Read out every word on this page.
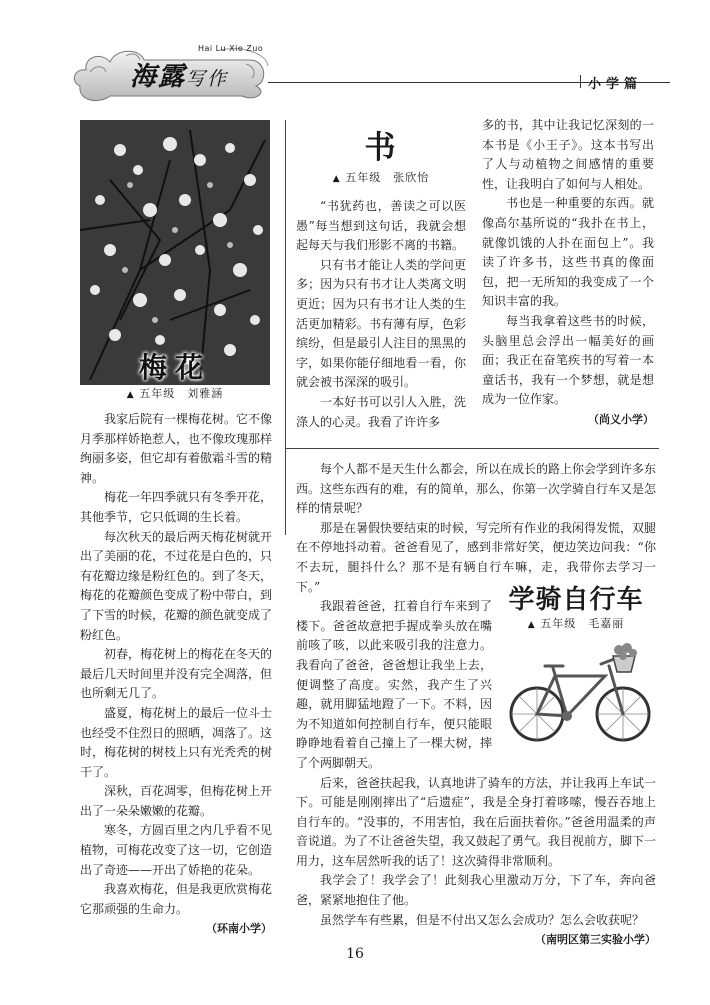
Hai Lu Xie Zuo
海露写作	小学篇
梅花
▲ 五年级　刘雅涵

我家后院有一棵梅花树。它不像月季那样娇艳惹人，也不像玫瑰那样绚丽多姿，但它却有着傲霜斗雪的精神。

梅花一年四季就只有冬季开花，其他季节，它只低调的生长着。

每次秋天的最后两天梅花树就开出了美丽的花，不过花是白色的，只有花瓣边缘是粉红色的。到了冬天，梅花的花瓣颜色变成了粉中带白，到了下雪的时候，花瓣的颜色就变成了粉红色。

初春，梅花树上的梅花在冬天的最后几天时间里并没有完全凋落，但也所剩无几了。

盛夏，梅花树上的最后一位斗士也经受不住烈日的照晒，凋落了。这时，梅花树的树枝上只有光秃秃的树干了。

深秋，百花凋零，但梅花树上开出了一朵朵嫩嫩的花瓣。

寒冬，方圆百里之内几乎看不见植物，可梅花改变了这一切，它创造出了奇迹——开出了娇艳的花朵。

我喜欢梅花，但是我更欣赏梅花它那顽强的生命力。

（环南小学）
书
▲ 五年级　张欣怡

“书犹药也，善读之可以医愚”每当想到这句话，我就会想起每天与我们形影不离的书籍。

只有书才能让人类的学问更多；因为只有书才让人类离文明更近；因为只有书才让人类的生活更加精彩。书有薄有厚，色彩缤纷，但是最引人注目的黑黑的字，如果你能仔细地看一看，你就会被书深深的吸引。

一本好书可以引人入胜，洗涤人的心灵。我看了许许多

多的书，其中让我记忆深刻的一本书是《小王子》。这本书写出了人与动植物之间感情的重要性，让我明白了如何与人相处。

书也是一种重要的东西。就像高尔基所说的“我扑在书上，就像饥饿的人扑在面包上”。我读了许多书，这些书真的像面包，把一无所知的我变成了一个知识丰富的我。

每当我拿着这些书的时候，头脑里总会浮出一幅美好的画面；我正在奋笔疾书的写着一本童话书，我有一个梦想，就是想成为一位作家。

（尚义小学）

每个人都不是天生什么都会，所以在成长的路上你会学到许多东西。这些东西有的难，有的简单，那么，你第一次学骑自行车又是怎样的情景呢？

那是在暑假快要结束的时候，写完所有作业的我闲得发慌，双腿在不停地抖动着。爸爸看见了，感到非常好笑，便边笑边问我：“你不去玩，腿抖什么？那不是有辆自行车嘛，走，我带你去学习一下。”

我跟着爸爸，扛着自行车来到了楼下。爸爸故意把手握成拳头放在嘴前咳了咳，以此来吸引我的注意力。我看向了爸爸，爸爸想让我坐上去，便调整了高度。实然，我产生了兴趣，就用脚猛地蹬了一下。不料，因为不知道如何控制自行车，便只能眼睁睁地看着自己撞上了一棵大树，摔了个两脚朝天。

后来，爸爸扶起我，认真地讲了骑车的方法，并让我再上车试一下。可能是刚刚摔出了“后遗症”，我是全身打着哆嗦，慢吞吞地上自行车的。“没事的，不用害怕，我在后面扶着你。”爸爸用温柔的声音说道。为了不让爸爸失望，我又鼓起了勇气。我目视前方，脚下一用力，这车居然听我的话了！这次骑得非常顺利。

我学会了！我学会了！此刻我心里激动万分，下了车，奔向爸爸，紧紧地抱住了他。

虽然学车有些累，但是不付出又怎么会成功？怎么会收获呢？

（南明区第三实验小学）
学骑自行车
▲ 五年级　毛嘉丽
16
